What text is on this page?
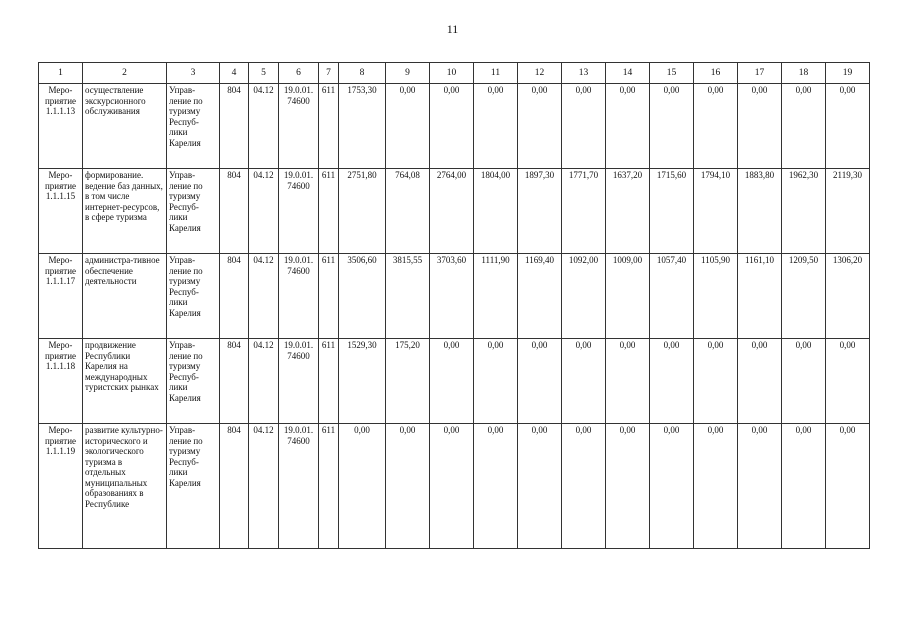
11
1	2	3	4	5	6	7	8	9	10	11	12	13	14	15	16	17	18	19
Меро-приятие 1.1.1.13	осуществление экскурсионного обслуживания	Управ-ление по туризму Респуб-лики Карелия	804	04.12	19.0.01. 74600	611	1753,30	0,00	0,00	0,00	0,00	0,00	0,00	0,00	0,00	0,00	0,00	0,00
Меро-приятие 1.1.1.15	формирование. ведение баз данных, в том числе интернет-ресурсов, в сфере туризма	Управ-ление по туризму Респуб-лики Карелия	804	04.12	19.0.01. 74600	611	2751,80	764,08	2764,00	1804,00	1897,30	1771,70	1637,20	1715,60	1794,10	1883,80	1962,30	2119,30
Меро-приятие 1.1.1.17	администра-тивное обеспечение деятельности	Управ-ление по туризму Респуб-лики Карелия	804	04.12	19.0.01. 74600	611	3506,60	3815,55	3703,60	1111,90	1169,40	1092,00	1009,00	1057,40	1105,90	1161,10	1209,50	1306,20
Меро-приятие 1.1.1.18	продвижение Республики Карелия на международных туристских рынках	Управ-ление по туризму Респуб-лики Карелия	804	04.12	19.0.01. 74600	611	1529,30	175,20	0,00	0,00	0,00	0,00	0,00	0,00	0,00	0,00	0,00	0,00
Меро-приятие 1.1.1.19	развитие культурно-исторического и экологического туризма в отдельных муниципальных образованиях в Республике	Управ-ление по туризму Респуб-лики Карелия	804	04.12	19.0.01. 74600	611	0,00	0,00	0,00	0,00	0,00	0,00	0,00	0,00	0,00	0,00	0,00	0,00
